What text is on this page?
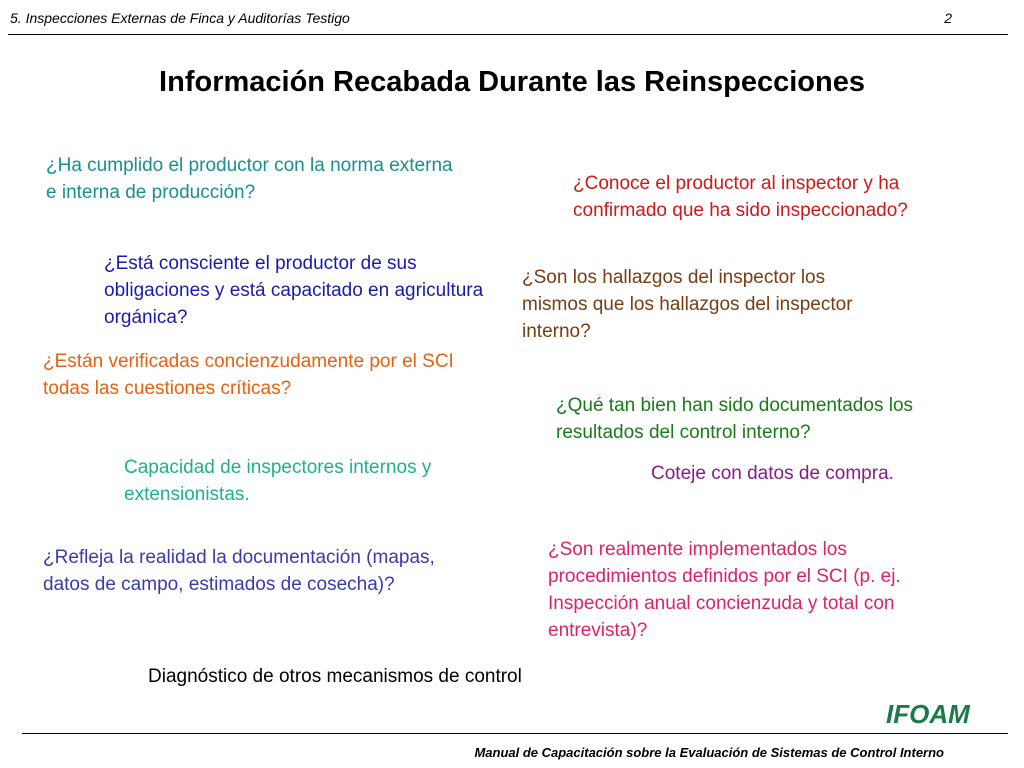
5. Inspecciones Externas de Finca y Auditorías Testigo	2
Información Recabada Durante las Reinspecciones
¿Ha cumplido el productor con la norma externa e interna de producción?	¿Conoce el productor al inspector y ha confirmado que ha sido inspeccionado?
¿Está consciente el productor de sus obligaciones y está capacitado en agricultura orgánica?
¿Son los hallazgos del inspector los mismos que los hallazgos del inspector interno?
¿Están verificadas concienzudamente por el SCI todas las cuestiones críticas?
¿Qué tan bien han sido documentados los resultados del control interno?
Capacidad de inspectores internos y extensionistas.
Coteje con datos de compra.
¿Refleja la realidad la documentación (mapas, datos de campo, estimados de cosecha)?
¿Son realmente implementados los procedimientos definidos por el SCI (p. ej. Inspección anual concienzuda y total con entrevista)?
Diagnóstico de otros mecanismos de control
IFOAM
Manual de Capacitación sobre la Evaluación de Sistemas de Control Interno
